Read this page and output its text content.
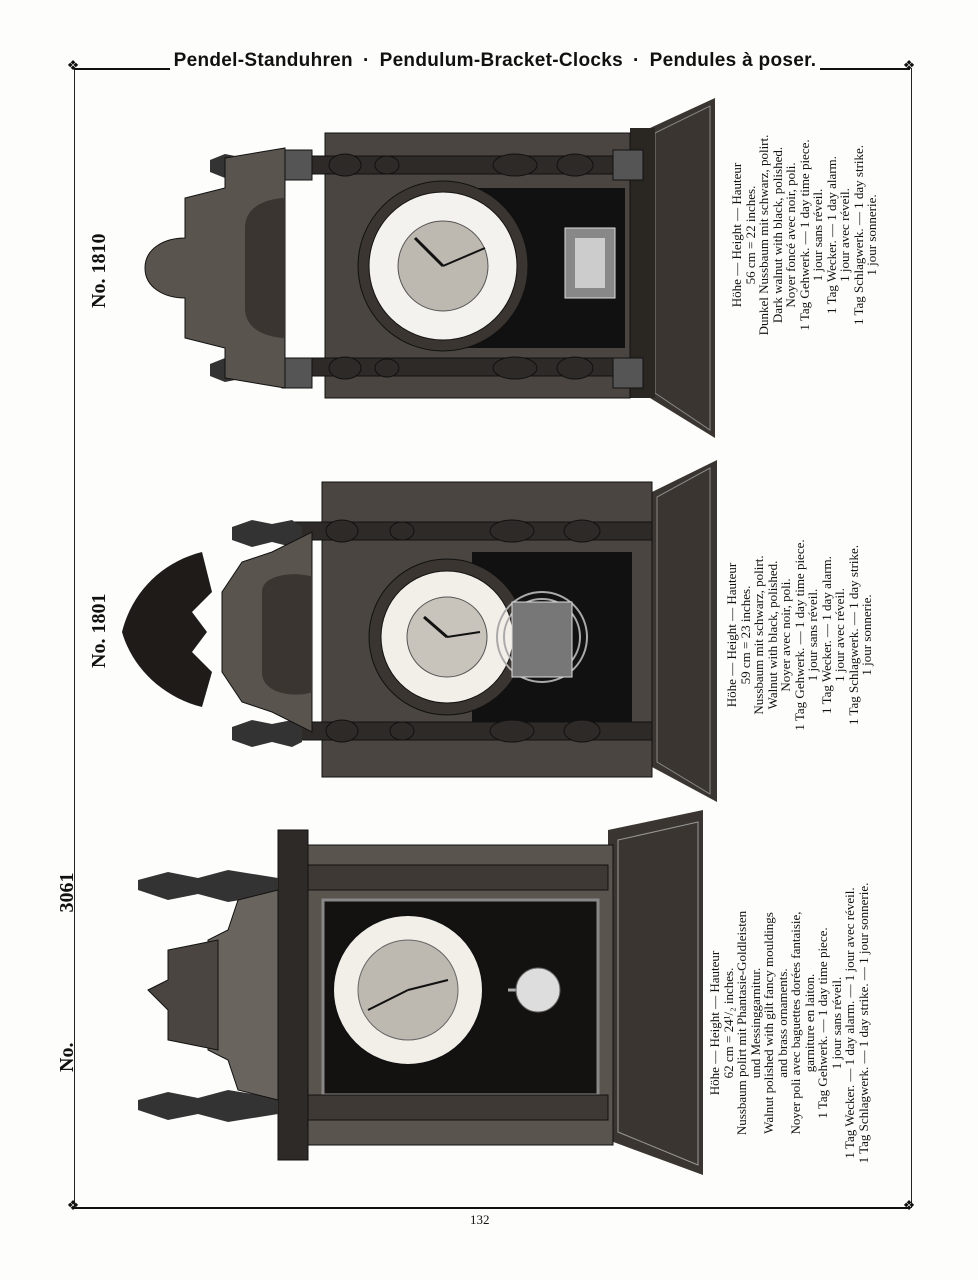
❖	❖
❖	❖
Pendel-Standuhren · Pendulum-Bracket-Clocks · Pendules à poser.
No. 1810	Höhe — Height — Hauteur
56 cm = 22 inches.
Dunkel Nussbaum mit schwarz, polirt.
Dark walnut with black, polished.
Noyer foncé avec noir, poli.
1 Tag Gehwerk. — 1 day time piece.
1 jour sans réveil.
1 Tag Wecker. — 1 day alarm.
1 jour avec réveil.
1 Tag Schlagwerk. — 1 day strike.
1 jour sonnerie.
No. 1801	Höhe — Height — Hauteur
59 cm = 23 inches.
Nussbaum mit schwarz, polirt.
Walnut with black, polished.
Noyer avec noir, poli.
1 Tag Gehwerk. — 1 day time piece.
1 jour sans réveil.
1 Tag Wecker. — 1 day alarm.
1 jour avec réveil.
1 Tag Schlagwerk. — 1 day strike.
1 jour sonnerie.
No.  3061
Höhe — Height — Hauteur
62 cm = 24¹/₂ inches.
Nussbaum polirt mit Phantasie-Goldleisten
und Messinggarnitur.
Walnut polished with gilt fancy mouldings
and brass ornaments.
Noyer poli avec baguettes dorées fantaisie,
garniture en laiton.
1 Tag Gehwerk. — 1 day time piece.
1 jour sans réveil.
1 Tag Wecker. — 1 day alarm. — 1 jour avec réveil.
1 Tag Schlagwerk. — 1 day strike. — 1 jour sonnerie.
132
